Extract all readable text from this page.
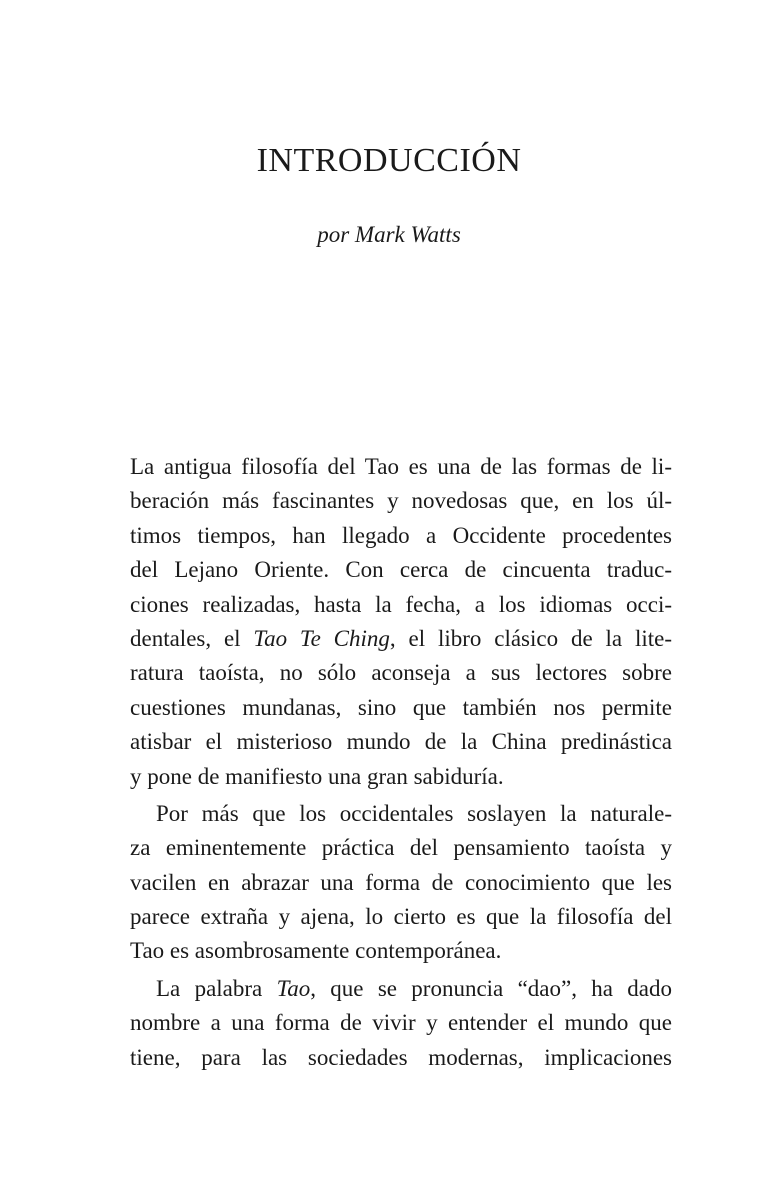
INTRODUCCIÓN

por Mark Watts

La antigua filosofía del Tao es una de las formas de li-
beración más fascinantes y novedosas que, en los úl-
timos tiempos, han llegado a Occidente procedentes
del Lejano Oriente. Con cerca de cincuenta traduc-
ciones realizadas, hasta la fecha, a los idiomas occi-
dentales, el Tao Te Ching, el libro clásico de la lite-
ratura taoísta, no sólo aconseja a sus lectores sobre
cuestiones mundanas, sino que también nos permite
atisbar el misterioso mundo de la China predinástica
y pone de manifiesto una gran sabiduría.
Por más que los occidentales soslayen la naturale-
za eminentemente práctica del pensamiento taoísta y
vacilen en abrazar una forma de conocimiento que les
parece extraña y ajena, lo cierto es que la filosofía del
Tao es asombrosamente contemporánea.
La palabra Tao, que se pronuncia “dao”, ha dado
nombre a una forma de vivir y entender el mundo que
tiene, para las sociedades modernas, implicaciones
